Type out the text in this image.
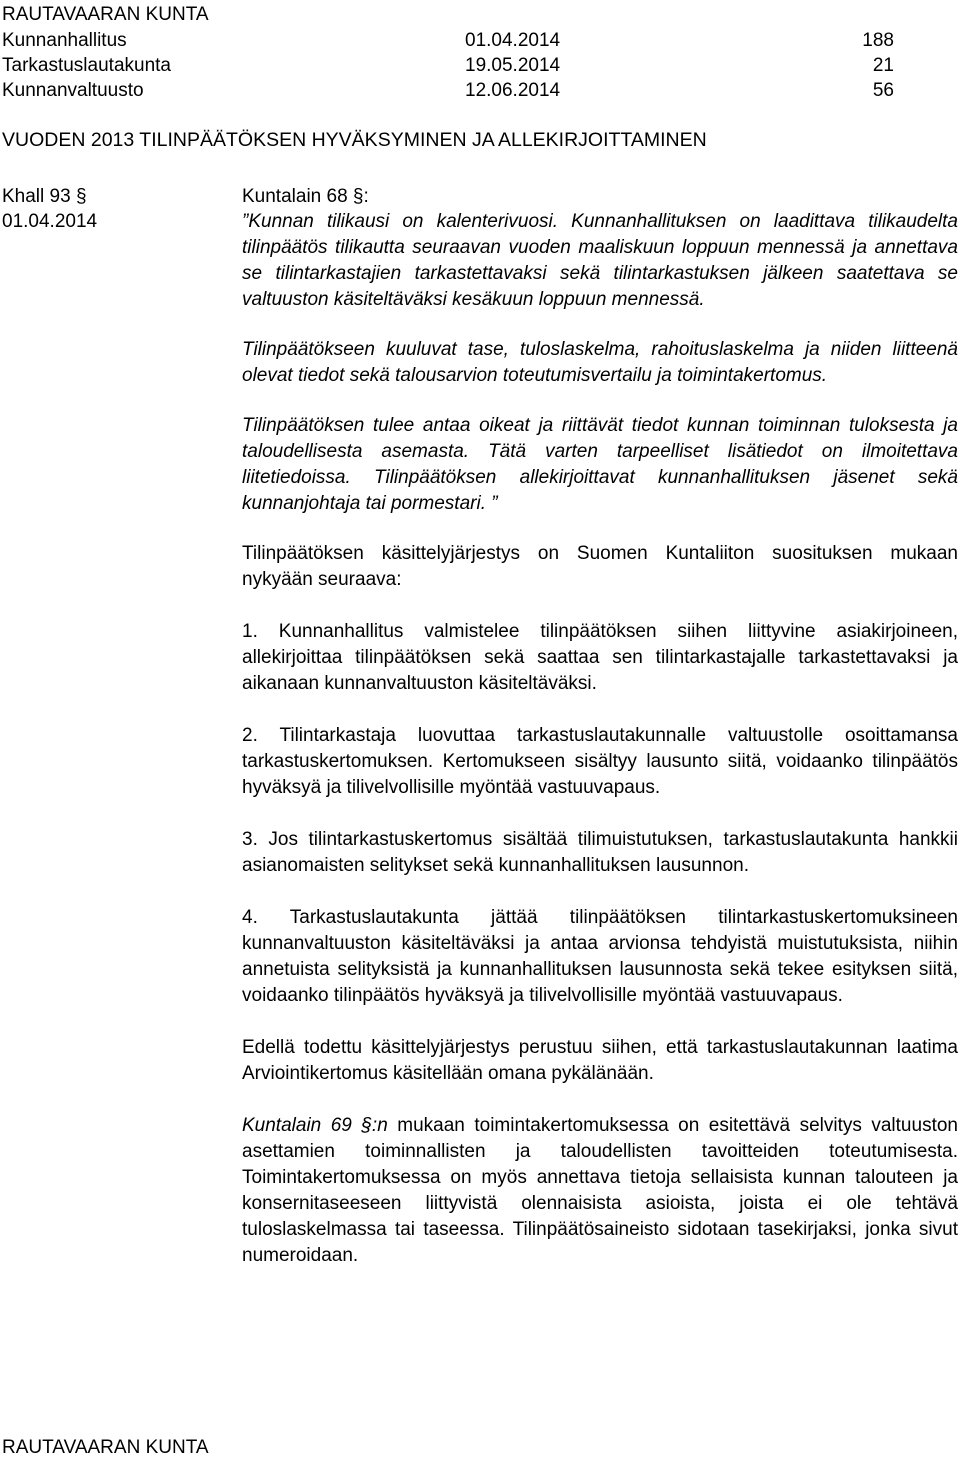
RAUTAVAARAN KUNTA
Kunnanhallitus	01.04.2014	188
Tarkastuslautakunta	19.05.2014	21
Kunnanvaltuusto	12.06.2014	56
VUODEN 2013 TILINPÄÄTÖKSEN HYVÄKSYMINEN JA ALLEKIRJOITTAMINEN
Khall 93 §
01.04.2014
Kuntalain 68 §:

”Kunnan tilikausi on kalenterivuosi. Kunnanhallituksen on laadittava tilikaudelta tilinpäätös tilikautta seuraavan vuoden maaliskuun loppuun mennessä ja annettava se tilintarkastajien tarkastettavaksi sekä tilintarkastuksen jälkeen saatettava se valtuuston käsiteltäväksi kesäkuun loppuun mennessä.

Tilinpäätökseen kuuluvat tase, tuloslaskelma, rahoituslaskelma ja niiden liitteenä olevat tiedot sekä talousarvion toteutumisvertailu ja toimintakertomus.

Tilinpäätöksen tulee antaa oikeat ja riittävät tiedot kunnan toiminnan tuloksesta ja taloudellisesta asemasta. Tätä varten tarpeelliset lisätiedot on ilmoitettava liitetiedoissa. Tilinpäätöksen allekirjoittavat kunnanhallituksen jäsenet sekä kunnanjohtaja tai pormestari. ”

Tilinpäätöksen käsittelyjärjestys on Suomen Kuntaliiton suosituksen mukaan nykyään seuraava:

1. Kunnanhallitus valmistelee tilinpäätöksen siihen liittyvine asiakirjoineen, allekirjoittaa tilinpäätöksen sekä saattaa sen tilintarkastajalle tarkastettavaksi ja aikanaan kunnanvaltuuston käsiteltäväksi.

2. Tilintarkastaja luovuttaa tarkastuslautakunnalle valtuustolle osoittamansa tarkastuskertomuksen. Kertomukseen sisältyy lausunto siitä, voidaanko tilinpäätös hyväksyä ja tilivelvollisille myöntää vastuuvapaus.

3. Jos tilintarkastuskertomus sisältää tilimuistutuksen, tarkastuslautakunta hankkii asianomaisten selitykset sekä kunnanhallituksen lausunnon.

4. Tarkastuslautakunta jättää tilinpäätöksen tilintarkastuskertomuksineen kunnanvaltuuston käsiteltäväksi ja antaa arvionsa tehdyistä muistutuksista, niihin annetuista selityksistä ja kunnanhallituksen lausunnosta sekä tekee esityksen siitä, voidaanko tilinpäätös hyväksyä ja tilivelvollisille myöntää vastuuvapaus.

Edellä todettu käsittelyjärjestys perustuu siihen, että tarkastuslautakunnan laatima Arviointikertomus käsitellään omana pykälänään.

Kuntalain 69 §:n mukaan toimintakertomuksessa on esitettävä selvitys valtuuston asettamien toiminnallisten ja taloudellisten tavoitteiden toteutumisesta. Toimintakertomuksessa on myös annettava tietoja sellaisista kunnan talouteen ja konsernitaseeseen liittyvistä olennaisista asioista, joista ei ole tehtävä tuloslaskelmassa tai taseessa. Tilinpäätösaineisto sidotaan tasekirjaksi, jonka sivut numeroidaan.

RAUTAVAARAN KUNTA
